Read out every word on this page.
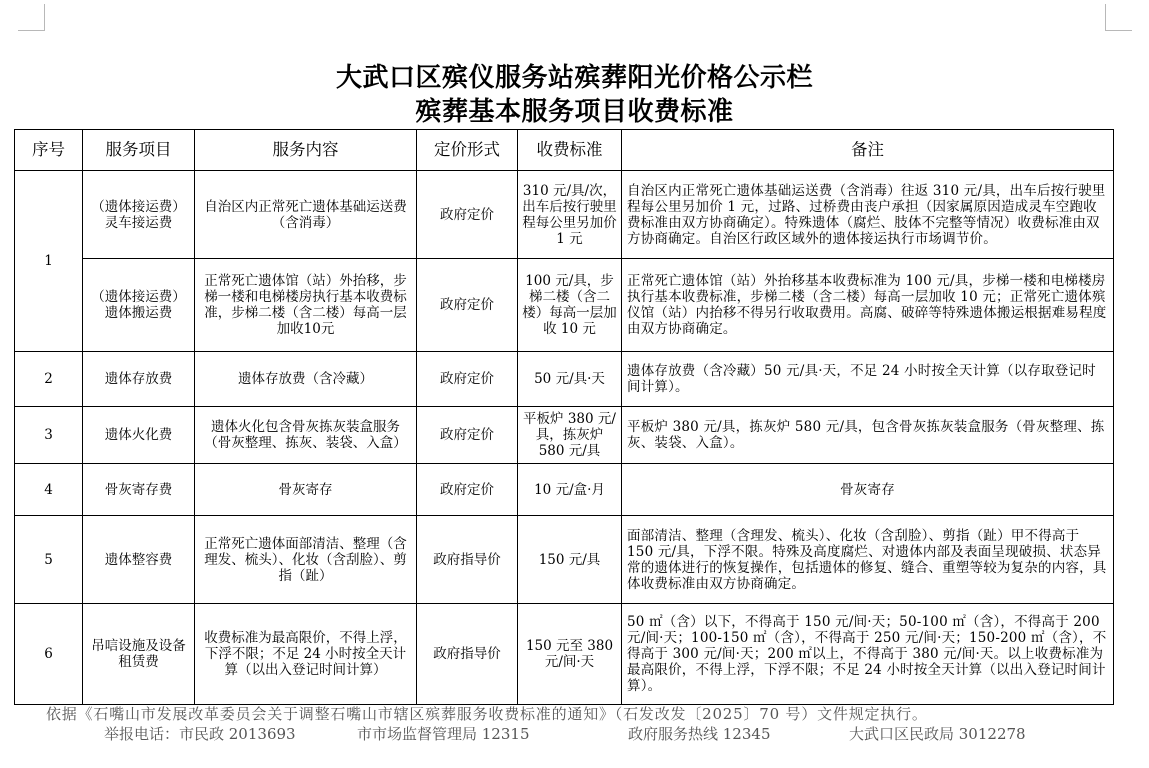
大武口区殡仪服务站殡葬阳光价格公示栏
殡葬基本服务项目收费标准
序号	服务项目	服务内容	定价形式	收费标准	备注
1	（遗体接运费）灵车接运费	自治区内正常死亡遗体基础运送费（含消毒）	政府定价	310 元/具/次，出车后按行驶里程每公里另加价 1 元	自治区内正常死亡遗体基础运送费（含消毒）往返 310 元/具，出车后按行驶里程每公里另加价 1 元，过路、过桥费由丧户承担（因家属原因造成灵车空跑收费标准由双方协商确定）。特殊遗体（腐烂、肢体不完整等情况）收费标准由双方协商确定。自治区行政区域外的遗体接运执行市场调节价。
	（遗体接运费）遗体搬运费	正常死亡遗体馆（站）外抬移，步梯一楼和电梯楼房执行基本收费标准，步梯二楼（含二楼）每高一层加收10元	政府定价	100 元/具，步梯二楼（含二楼）每高一层加收 10 元	正常死亡遗体馆（站）外抬移基本收费标准为 100 元/具，步梯一楼和电梯楼房执行基本收费标准，步梯二楼（含二楼）每高一层加收 10 元；正常死亡遗体殡仪馆（站）内抬移不得另行收取费用。高腐、破碎等特殊遗体搬运根据难易程度由双方协商确定。
2	遗体存放费	遗体存放费（含冷藏）	政府定价	50 元/具·天	遗体存放费（含冷藏）50 元/具·天，不足 24 小时按全天计算（以存取登记时间计算）。
3	遗体火化费	遗体火化包含骨灰拣灰装盒服务（骨灰整理、拣灰、装袋、入盒）	政府定价	平板炉 380 元/具，拣灰炉 580 元/具	平板炉 380 元/具，拣灰炉 580 元/具，包含骨灰拣灰装盒服务（骨灰整理、拣灰、装袋、入盒）。
4	骨灰寄存费	骨灰寄存	政府定价	10 元/盒·月	骨灰寄存
5	遗体整容费	正常死亡遗体面部清洁、整理（含理发、梳头）、化妆（含刮脸）、剪指（趾）	政府指导价	150 元/具	面部清洁、整理（含理发、梳头）、化妆（含刮脸）、剪指（趾）甲不得高于 150 元/具，下浮不限。特殊及高度腐烂、对遗体内部及表面呈现破损、状态异常的遗体进行的恢复操作，包括遗体的修复、缝合、重塑等较为复杂的内容，具体收费标准由双方协商确定。
6	吊唁设施及设备租赁费	收费标准为最高限价，不得上浮，下浮不限；不足 24 小时按全天计算（以出入登记时间计算）	政府指导价	150 元至 380 元/间·天	50 ㎡（含）以下，不得高于 150 元/间·天；50-100 ㎡（含），不得高于 200 元/间·天；100-150 ㎡（含），不得高于 250 元/间·天；150-200 ㎡（含），不得高于 300 元/间·天；200 ㎡以上，不得高于 380 元/间·天。以上收费标准为最高限价，不得上浮，下浮不限；不足 24 小时按全天计算（以出入登记时间计算）。
依据《石嘴山市发展改革委员会关于调整石嘴山市辖区殡葬服务收费标准的通知》（石发改发〔2025〕70 号）文件规定执行。
举报电话：市民政 2013693	市市场监督管理局 12315	政府服务热线 12345	大武口区民政局 3012278
